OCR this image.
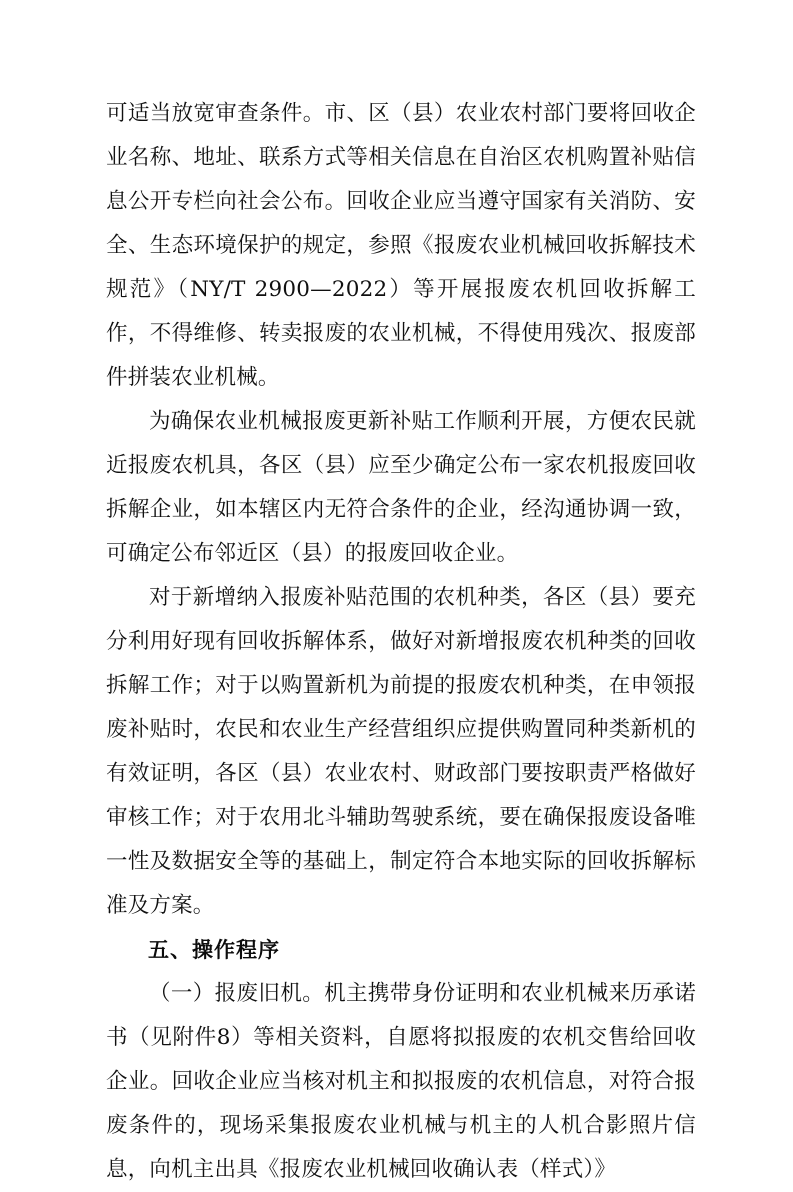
可适当放宽审查条件。市、区（县）农业农村部门要将回收企业名称、地址、联系方式等相关信息在自治区农机购置补贴信息公开专栏向社会公布。回收企业应当遵守国家有关消防、安全、生态环境保护的规定，参照《报废农业机械回收拆解技术规范》（NY/T 2900—2022）等开展报废农机回收拆解工作，不得维修、转卖报废的农业机械，不得使用残次、报废部件拼装农业机械。

为确保农业机械报废更新补贴工作顺利开展，方便农民就近报废农机具，各区（县）应至少确定公布一家农机报废回收拆解企业，如本辖区内无符合条件的企业，经沟通协调一致，可确定公布邻近区（县）的报废回收企业。

对于新增纳入报废补贴范围的农机种类，各区（县）要充分利用好现有回收拆解体系，做好对新增报废农机种类的回收拆解工作；对于以购置新机为前提的报废农机种类，在申领报废补贴时，农民和农业生产经营组织应提供购置同种类新机的有效证明，各区（县）农业农村、财政部门要按职责严格做好审核工作；对于农用北斗辅助驾驶系统，要在确保报废设备唯一性及数据安全等的基础上，制定符合本地实际的回收拆解标准及方案。

五、操作程序

（一）报废旧机。机主携带身份证明和农业机械来历承诺书（见附件8）等相关资料，自愿将拟报废的农机交售给回收企业。回收企业应当核对机主和拟报废的农机信息，对符合报废条件的，现场采集报废农业机械与机主的人机合影照片信息，向机主出具《报废农业机械回收确认表（样式）》
